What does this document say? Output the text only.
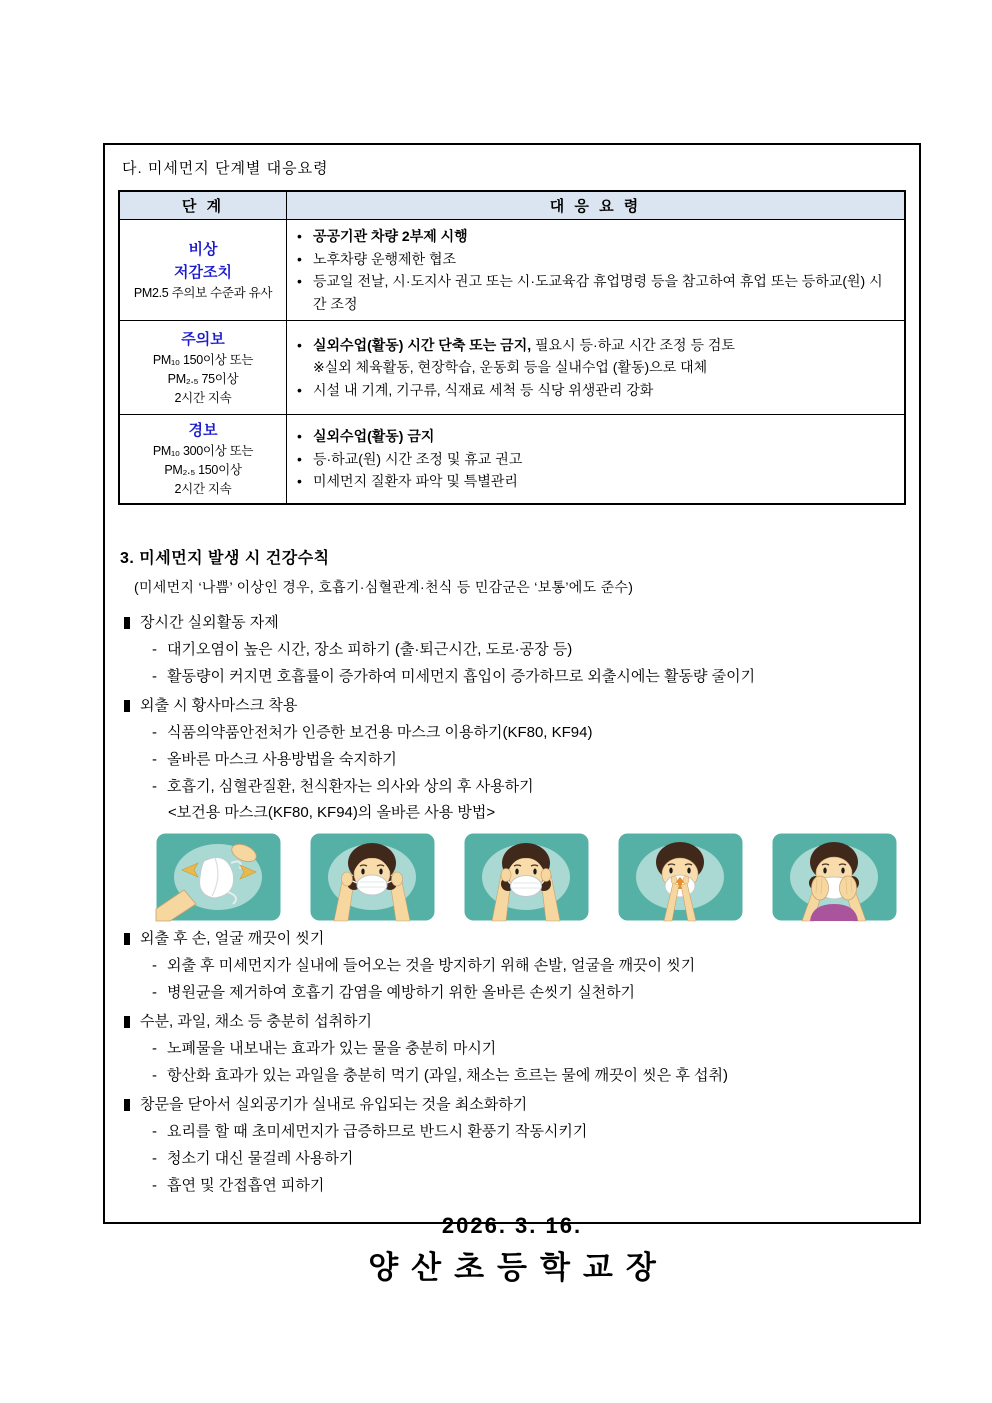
다. 미세먼지 단계별 대응요령
단 계	대 응 요 령

비상
저감조치
PM2.5 주의보 수준과 유사

• 공공기관 차량 2부제 시행
• 노후차량 운행제한 협조
• 등교일 전날, 시·도지사 권고 또는 시·도교육감 휴업명령 등을 참고하여 휴업 또는 등하교(원) 시간 조정

주의보
PM₁₀ 150이상 또는
PM₂.₅ 75이상
2시간 지속

• 실외수업(활동) 시간 단축 또는 금지, 필요시 등·하교 시간 조정 등 검토
※실외 체육활동, 현장학습, 운동회 등을 실내수업 (활동)으로 대체
• 시설 내 기계, 기구류, 식재료 세척 등 식당 위생관리 강화

경보
PM₁₀ 300이상 또는
PM₂.₅ 150이상
2시간 지속

• 실외수업(활동) 금지
• 등·하교(원) 시간 조정 및 휴교 권고
• 미세먼지 질환자 파악 및 특별관리
3. 미세먼지 발생 시 건강수칙
(미세먼지 ‘나쁨’ 이상인 경우, 호흡기·심혈관계·천식 등 민감군은 ‘보통’에도 준수)
장시간 실외활동 자제
- 대기오염이 높은 시간, 장소 피하기 (출·퇴근시간, 도로·공장 등)
- 활동량이 커지면 호흡률이 증가하여 미세먼지 흡입이 증가하므로 외출시에는 활동량 줄이기
외출 시 황사마스크 착용
- 식품의약품안전처가 인증한 보건용 마스크 이용하기(KF80, KF94)
- 올바른 마스크 사용방법을 숙지하기
- 호흡기, 심혈관질환, 천식환자는 의사와 상의 후 사용하기
<보건용 마스크(KF80, KF94)의 올바른 사용 방법>
외출 후 손, 얼굴 깨끗이 씻기
- 외출 후 미세먼지가 실내에 들어오는 것을 방지하기 위해 손발, 얼굴을 깨끗이 씻기
- 병원균을 제거하여 호흡기 감염을 예방하기 위한 올바른 손씻기 실천하기
수분, 과일, 채소 등 충분히 섭취하기
- 노폐물을 내보내는 효과가 있는 물을 충분히 마시기
- 항산화 효과가 있는 과일을 충분히 먹기 (과일, 채소는 흐르는 물에 깨끗이 씻은 후 섭취)
창문을 닫아서 실외공기가 실내로 유입되는 것을 최소화하기
- 요리를 할 때 초미세먼지가 급증하므로 반드시 환풍기 작동시키기
- 청소기 대신 물걸레 사용하기
- 흡연 및 간접흡연 피하기
2026. 3. 16.
양산초등학교장
